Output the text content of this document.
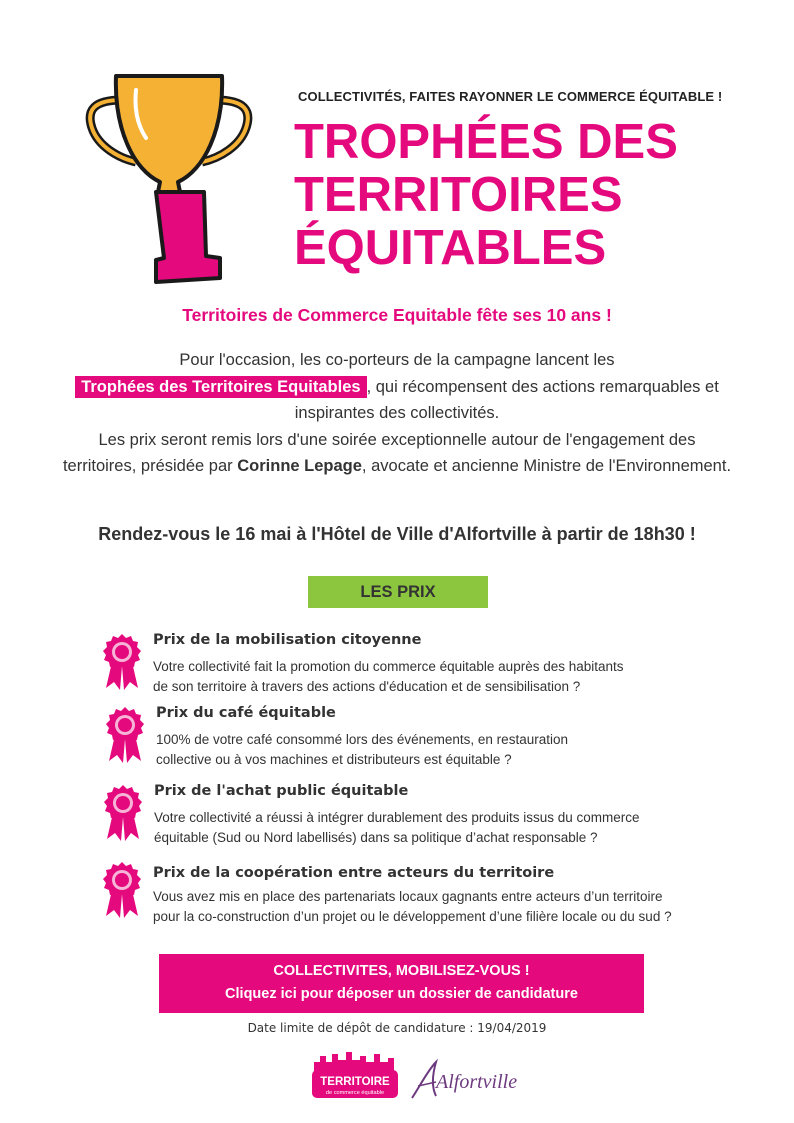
COLLECTIVITÉS, FAITES RAYONNER LE COMMERCE ÉQUITABLE !
TROPHÉES DES
TERRITOIRES
ÉQUITABLES
Territoires de Commerce Equitable fête ses 10 ans !
Pour l'occasion, les co-porteurs de la campagne lancent les
Trophées des Territoires Equitables , qui récompensent des actions remarquables et inspirantes des collectivités.
Les prix seront remis lors d'une soirée exceptionnelle autour de l'engagement des territoires, présidée par Corinne Lepage, avocate et ancienne Ministre de l'Environnement.
Rendez-vous le 16 mai à l'Hôtel de Ville d'Alfortville à partir de 18h30 !
LES PRIX
Prix de la mobilisation citoyenne
Votre collectivité fait la promotion du commerce équitable auprès des habitants
de son territoire à travers des actions d'éducation et de sensibilisation ?
Prix du café équitable
100% de votre café consommé lors des événements, en restauration
collective ou à vos machines et distributeurs est équitable ?
Prix de l'achat public équitable
Votre collectivité a réussi à intégrer durablement des produits issus du commerce
équitable (Sud ou Nord labellisés) dans sa politique d’achat responsable ?
Prix de la coopération entre acteurs du territoire
Vous avez mis en place des partenariats locaux gagnants entre acteurs d’un territoire
pour la co-construction d’un projet ou le développement d’une filière locale ou du sud ?
COLLECTIVITES, MOBILISEZ-VOUS !
Cliquez ici pour déposer un dossier de candidature
Date limite de dépôt de candidature : 19/04/2019
TERRITOIRE
de commerce équitable	Alfortville
